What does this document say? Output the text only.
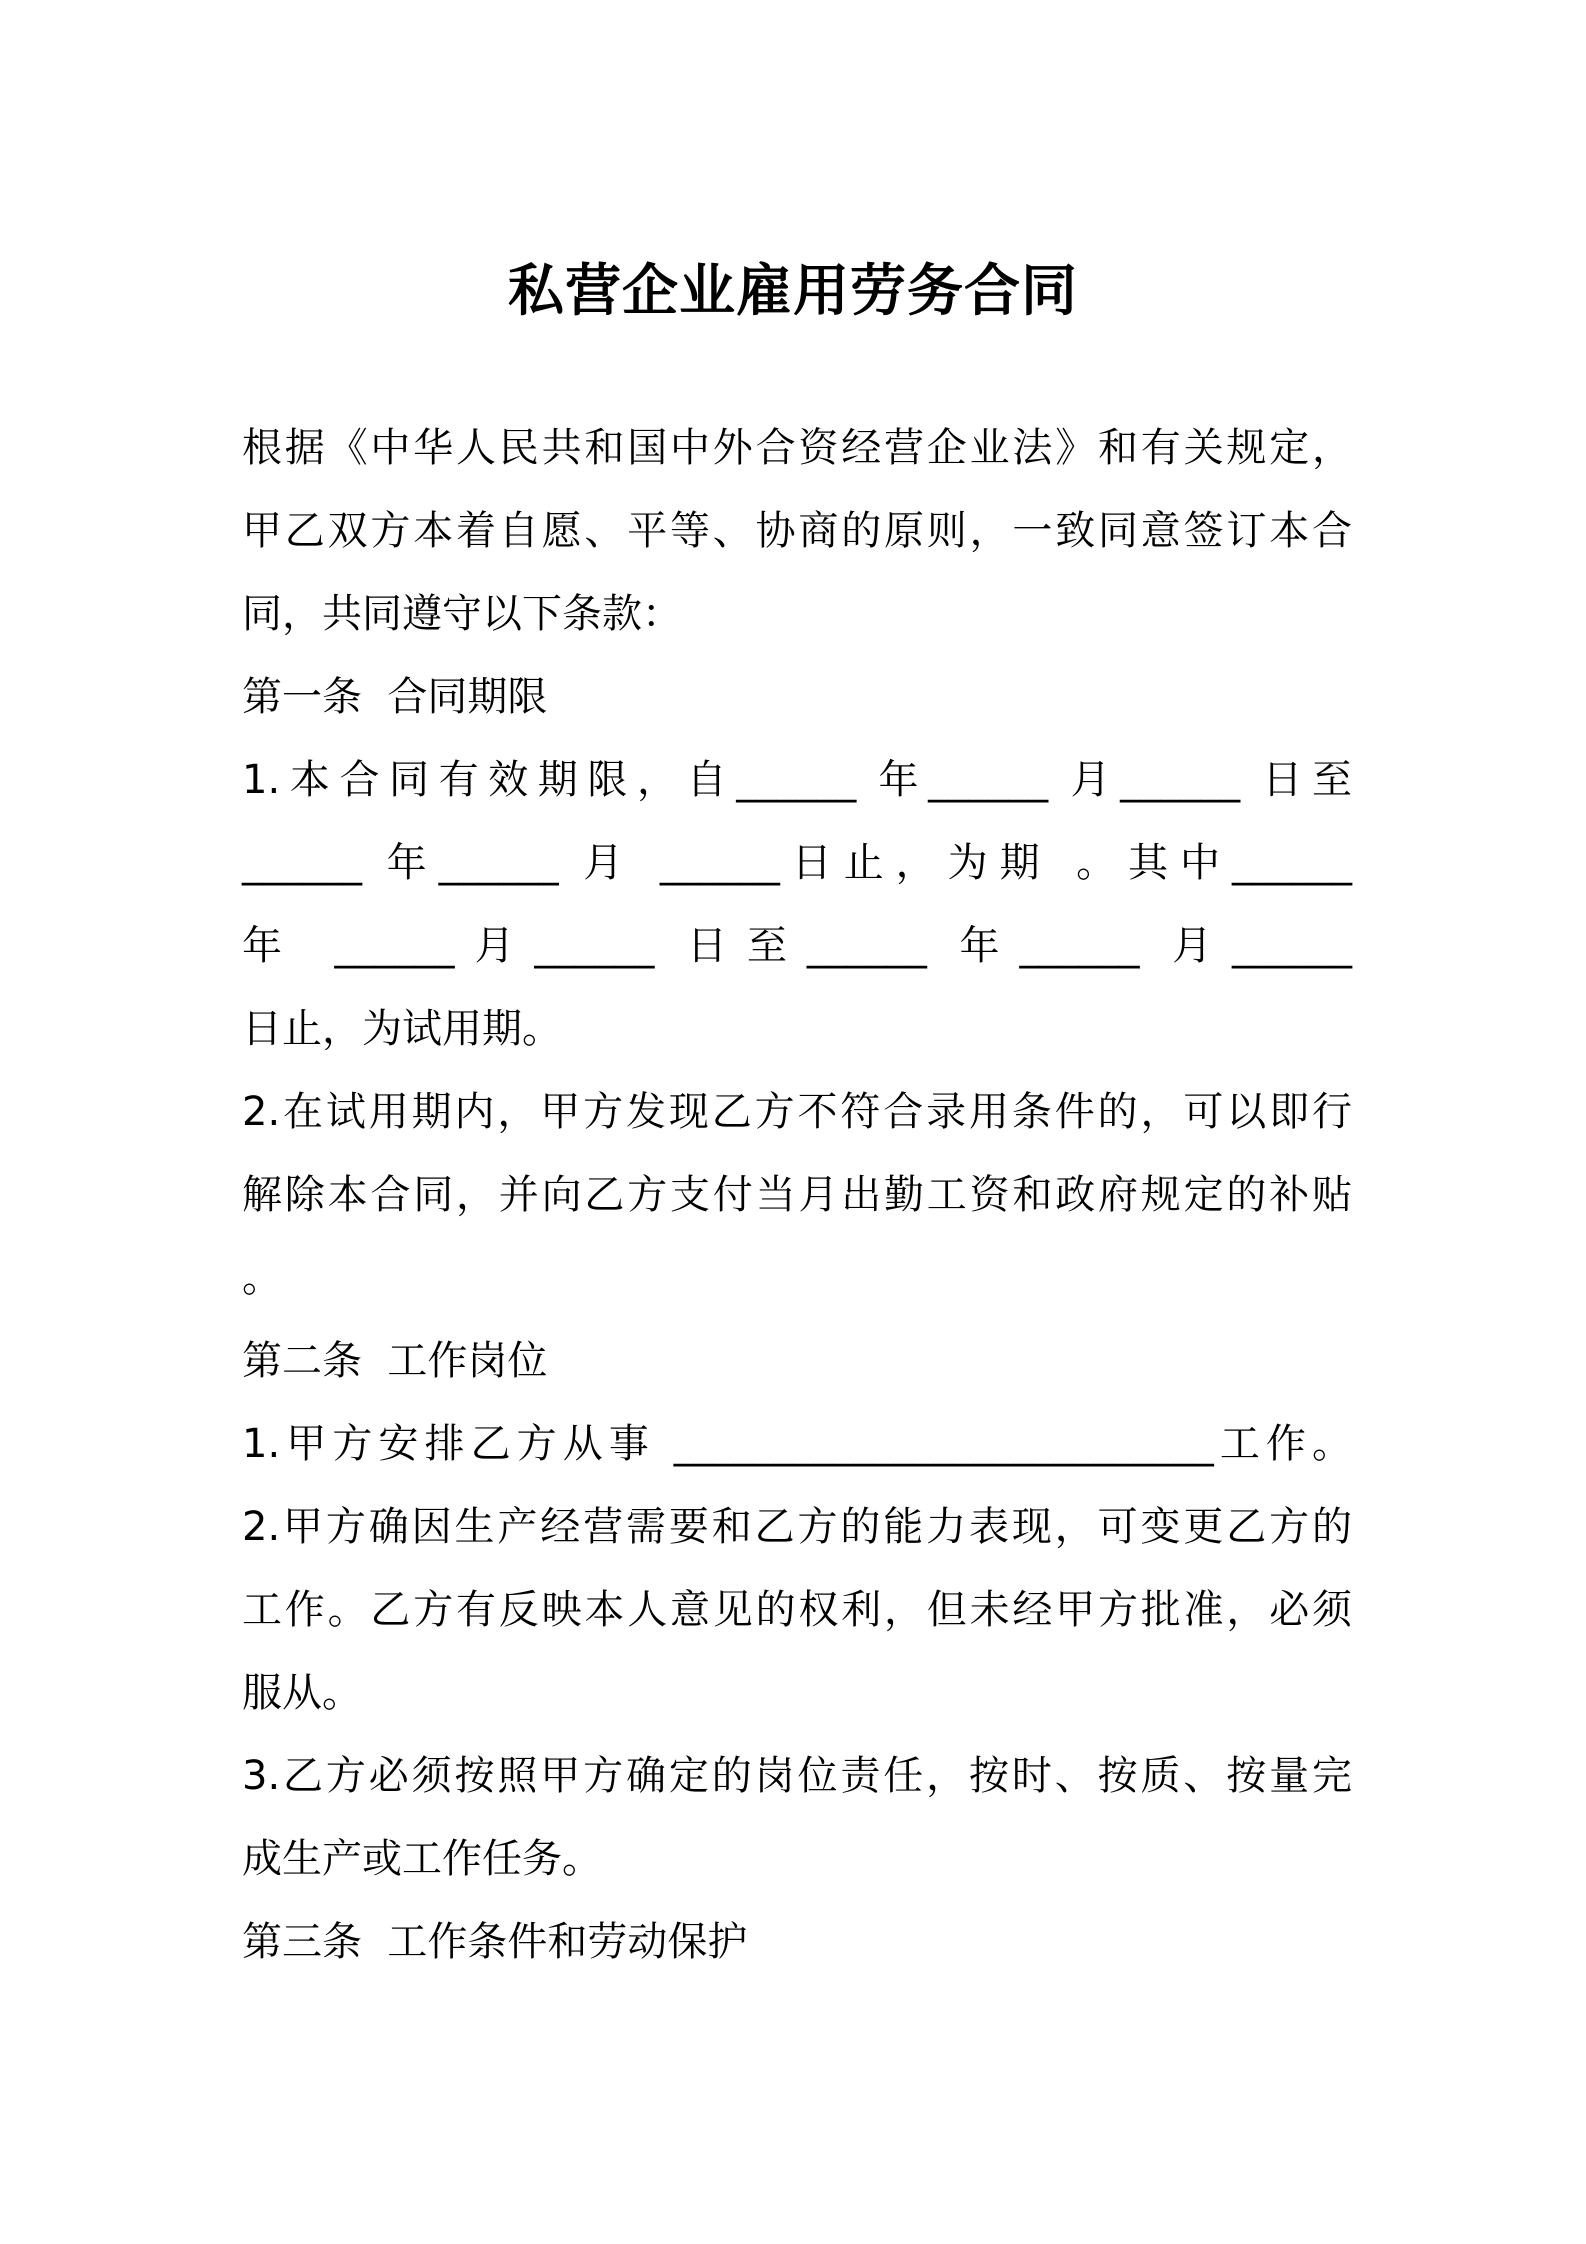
私营企业雇用劳务合同
根据《中华人民共和国中外合资经营企业法》和有关规定，
甲乙双方本着自愿、平等、协商的原则，一致同意签订本合
同，共同遵守以下条款：
第一条  合同期限
1.本合同有效期限，自______ 年______ 月______ 日至
______ 年______ 月 ______日止，为期 。其中______
年 ______月______ 日至______ 年______ 月______
日止，为试用期。
2.在试用期内，甲方发现乙方不符合录用条件的，可以即行
解除本合同，并向乙方支付当月出勤工资和政府规定的补贴
。
第二条  工作岗位
1.甲方安排乙方从事 ___________________________工作。
2.甲方确因生产经营需要和乙方的能力表现，可变更乙方的
工作。乙方有反映本人意见的权利，但未经甲方批准，必须
服从。
3.乙方必须按照甲方确定的岗位责任，按时、按质、按量完
成生产或工作任务。
第三条  工作条件和劳动保护
